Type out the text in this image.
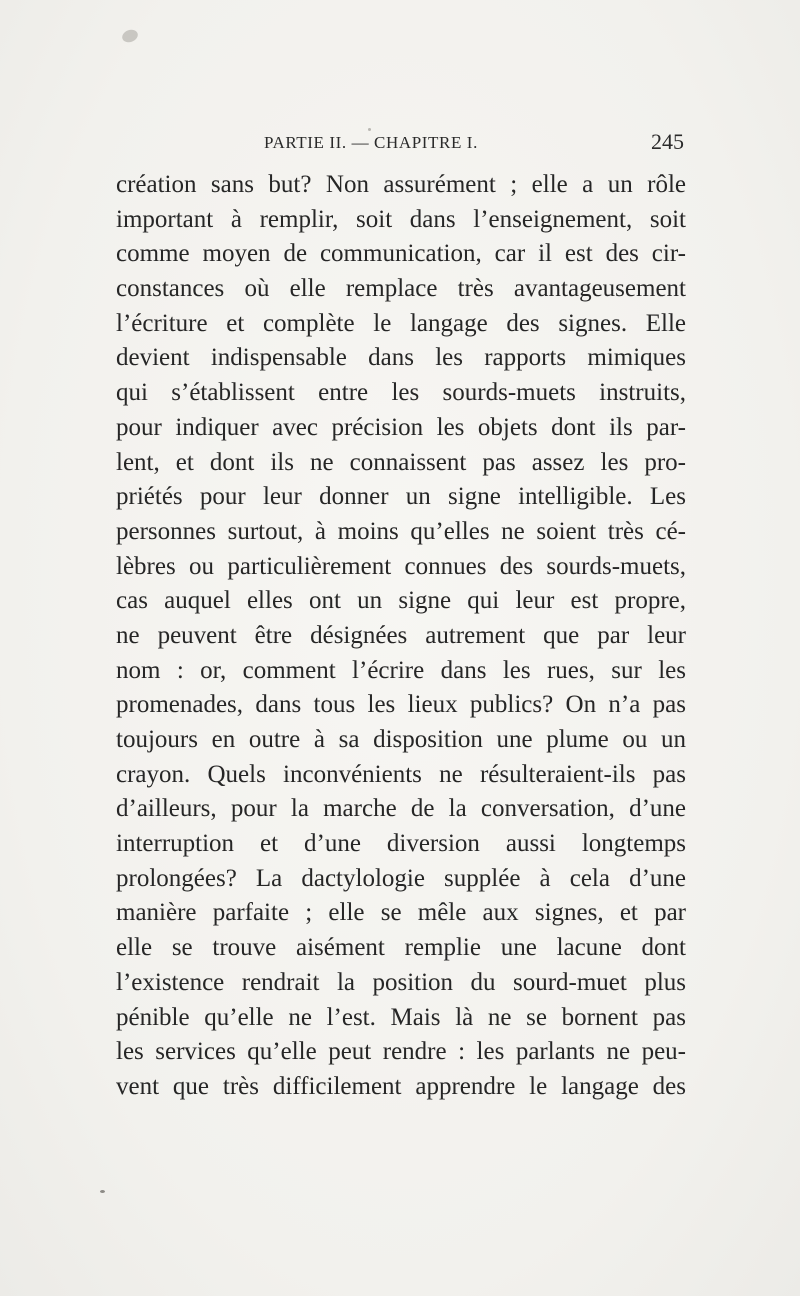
PARTIE II. — CHAPITRE I.	245
création sans but? Non assurément ; elle a un rôle
important à remplir, soit dans l’enseignement, soit
comme moyen de communication, car il est des cir-
constances où elle remplace très avantageusement
l’écriture et complète le langage des signes. Elle
devient indispensable dans les rapports mimiques
qui s’établissent entre les sourds-muets instruits,
pour indiquer avec précision les objets dont ils par-
lent, et dont ils ne connaissent pas assez les pro-
priétés pour leur donner un signe intelligible. Les
personnes surtout, à moins qu’elles ne soient très cé-
lèbres ou particulièrement connues des sourds-muets,
cas auquel elles ont un signe qui leur est propre,
ne peuvent être désignées autrement que par leur
nom : or, comment l’écrire dans les rues, sur les
promenades, dans tous les lieux publics? On n’a pas
toujours en outre à sa disposition une plume ou un
crayon. Quels inconvénients ne résulteraient-ils pas
d’ailleurs, pour la marche de la conversation, d’une
interruption et d’une diversion aussi longtemps
prolongées? La dactylologie supplée à cela d’une
manière parfaite ; elle se mêle aux signes, et par
elle se trouve aisément remplie une lacune dont
l’existence rendrait la position du sourd-muet plus
pénible qu’elle ne l’est. Mais là ne se bornent pas
les services qu’elle peut rendre : les parlants ne peu-
vent que très difficilement apprendre le langage des
